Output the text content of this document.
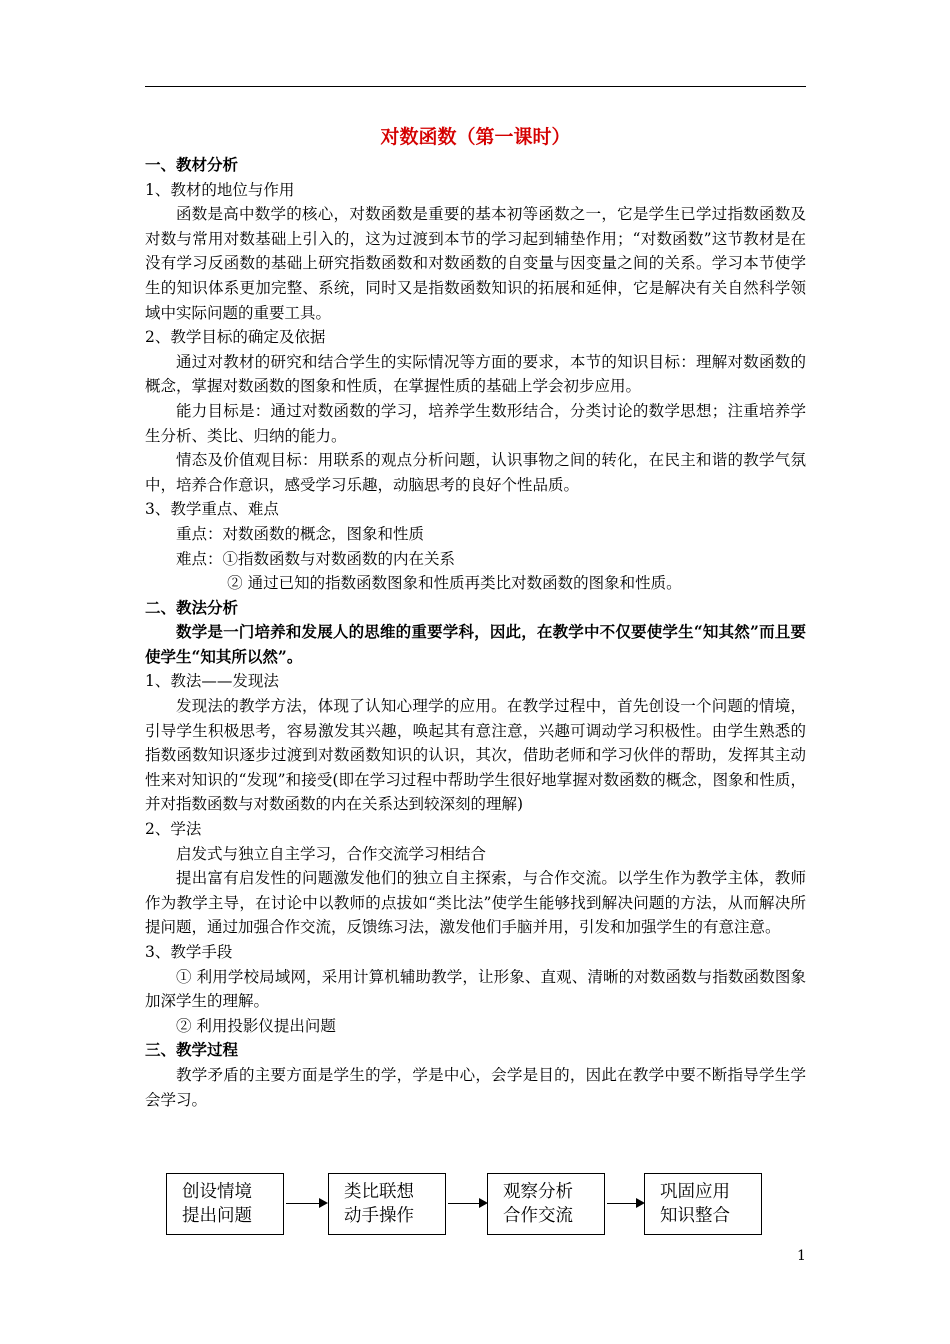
对数函数（第一课时）
一、教材分析
1、教材的地位与作用
函数是高中数学的核心，对数函数是重要的基本初等函数之一，它是学生已学过指数函数及对数与常用对数基础上引入的，这为过渡到本节的学习起到辅垫作用；“对数函数”这节教材是在没有学习反函数的基础上研究指数函数和对数函数的自变量与因变量之间的关系。学习本节使学生的知识体系更加完整、系统，同时又是指数函数知识的拓展和延伸，它是解决有关自然科学领域中实际问题的重要工具。
2、教学目标的确定及依据
通过对教材的研究和结合学生的实际情况等方面的要求，本节的知识目标：理解对数函数的概念，掌握对数函数的图象和性质，在掌握性质的基础上学会初步应用。
能力目标是：通过对数函数的学习，培养学生数形结合，分类讨论的数学思想；注重培养学生分析、类比、归纳的能力。
情态及价值观目标：用联系的观点分析问题，认识事物之间的转化，在民主和谐的教学气氛中，培养合作意识，感受学习乐趣，动脑思考的良好个性品质。
3、教学重点、难点
重点：对数函数的概念，图象和性质
难点：①指数函数与对数函数的内在关系
② 通过已知的指数函数图象和性质再类比对数函数的图象和性质。
二、教法分析
数学是一门培养和发展人的思维的重要学科，因此，在教学中不仅要使学生“知其然”而且要使学生“知其所以然”。
1、教法——发现法
发现法的教学方法，体现了认知心理学的应用。在教学过程中，首先创设一个问题的情境，引导学生积极思考，容易激发其兴趣，唤起其有意注意，兴趣可调动学习积极性。由学生熟悉的指数函数知识逐步过渡到对数函数知识的认识，其次，借助老师和学习伙伴的帮助，发挥其主动性来对知识的“发现”和接受(即在学习过程中帮助学生很好地掌握对数函数的概念，图象和性质，并对指数函数与对数函数的内在关系达到较深刻的理解)
2、学法
启发式与独立自主学习，合作交流学习相结合
提出富有启发性的问题激发他们的独立自主探索，与合作交流。以学生作为教学主体，教师作为教学主导，在讨论中以教师的点拔如“类比法”使学生能够找到解决问题的方法，从而解决所提问题，通过加强合作交流，反馈练习法，激发他们手脑并用，引发和加强学生的有意注意。
3、教学手段
① 利用学校局域网，采用计算机辅助教学，让形象、直观、清晰的对数函数与指数函数图象加深学生的理解。
② 利用投影仪提出问题
三、教学过程
教学矛盾的主要方面是学生的学，学是中心，会学是目的，因此在教学中要不断指导学生学会学习。
创设情境
提出问题
类比联想
动手操作
观察分析
合作交流
巩固应用
知识整合
1
